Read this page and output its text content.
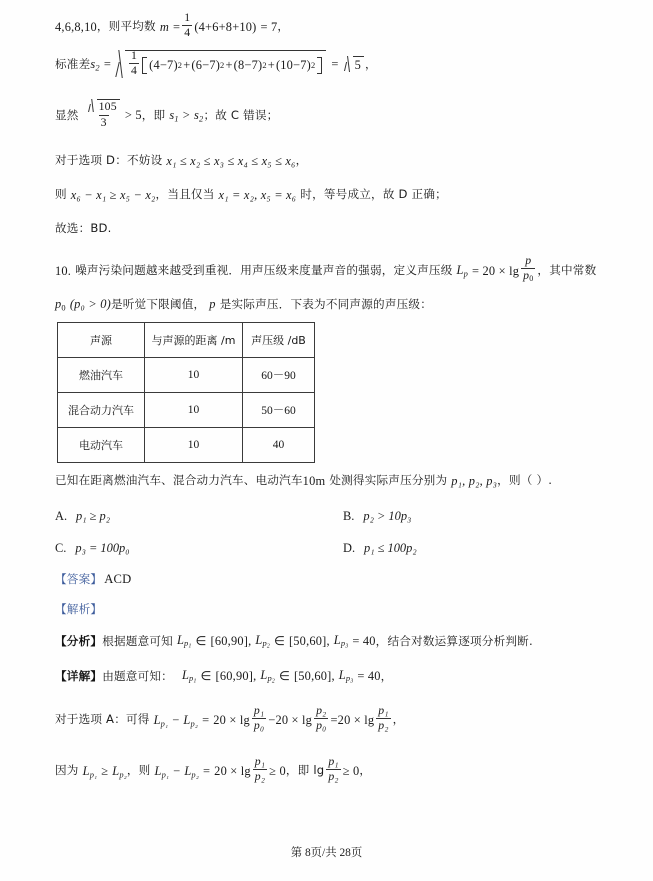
4,6,8,10 ，则平均数 $m = \frac{1}{4} (4+6+8+10) = 7$ ，
标准差 $s_2 = \frac{1}{4} (4-7) 2 + (6-7) 2 + (8-7) 2 + (10-7) 2 = 5$ ，
显然 $\frac{105}{3} > 5$ ，即 $s_1 > s_2$ ；故 C 错误；
对于选项 D：不妨设 x₁ ≤ x₂ ≤ x₃ ≤ x₄ ≤ x₅ ≤ x₆ ，
则 x₆ − x₁ ≥ x₅ − x₂ ，当且仅当 x₁ = x₂, x₅ = x₆ 时，等号成立，故 D 正确；
故选：BD.
10. 噪声污染问题越来越受到重视．用声压级来度量声音的强弱，定义声压级 $L_p = 20 \times \lg \frac{p}{p_0}$ ，其中常数
$p_0$ (p₀ > 0) 是听觉下限阈值， p 是实际声压．下表为不同声源的声压级：
声源	与声源的距离 /m	声压级 /dB
燃油汽车	10	60－90
混合动力汽车	10	50－60
电动汽车	10	40
已知在距离燃油汽车、混合动力汽车、电动汽车 10m 处测得实际声压分别为 p₁, p₂, p₃ ，则（ ）.
A. p₁ ≥ p₂	B. p₂ > 10p₃
C. p₃ = 100p₀	D. p₁ ≤ 100p₂
【答案】 ACD
【解析】
【分析】 根据题意可知 $L_{p_1}$ ∈ [60,90] , $L_{p_2}$ ∈ [50,60] , $L_{p_3} = 40$ ，结合对数运算逐项分析判断.
【详解】 由题意可知： $L_{p_1}$ ∈ [60,90] , $L_{p_2}$ ∈ [50,60] , $L_{p_3} = 40$ ，
对于选项 A：可得 $L_{p_1} - L_{p_2} = 20 \times \lg \frac{\text{p₁}}{\text{p₀}} - 20 \times \lg \frac{\text{p₂}}{\text{p₀}} = 20 \times \lg \frac{\text{p₁}}{\text{p₂}}$ ，
因为 $L_{p_1} \ge L_{p_2}$ ，则 $L_{p_1} - L_{p_2} = 20 \times \lg \frac{\text{p₁}}{\text{p₂}} \ge 0$ ，即 $\lg \frac{\text{p₁}}{\text{p₂}} \ge 0$ ，
第 8页/共 28页
